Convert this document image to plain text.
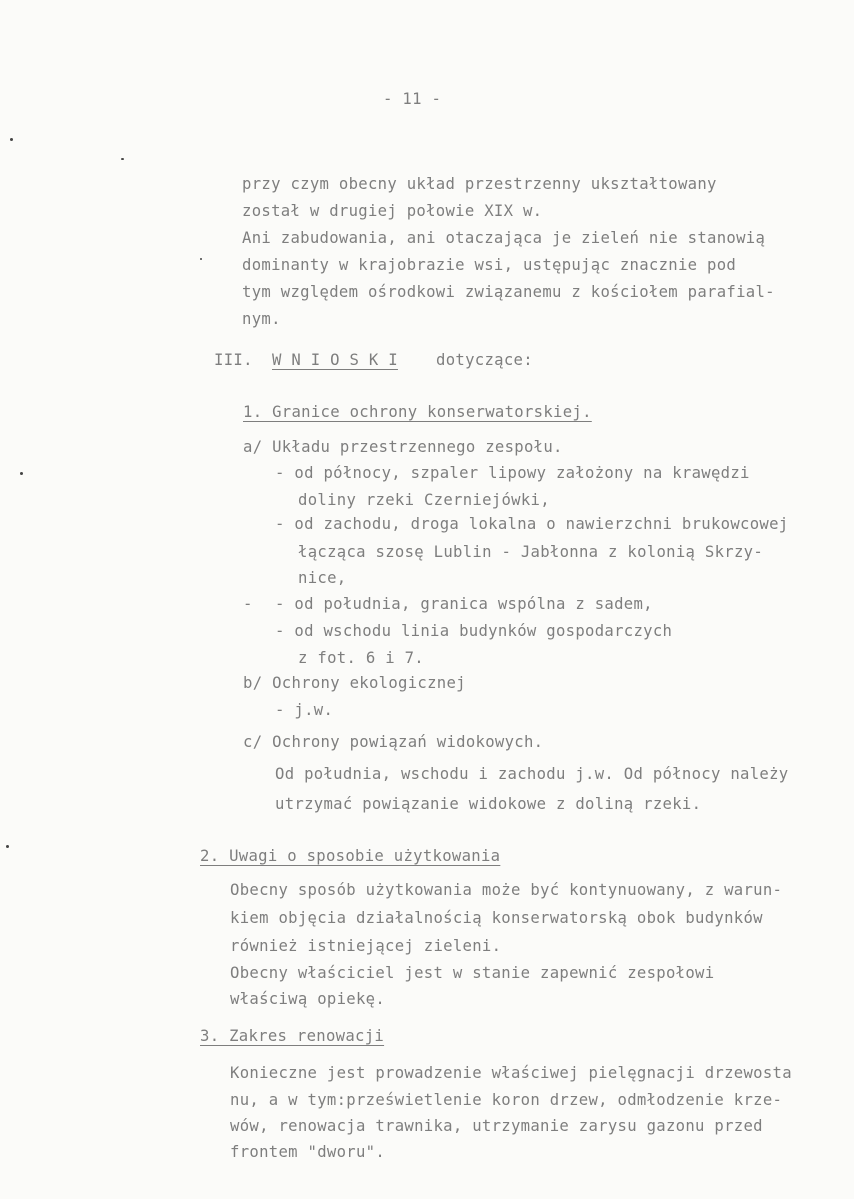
- 11 -
przy czym obecny układ przestrzenny ukształtowany
został w drugiej połowie XIX w.
Ani zabudowania, ani otaczająca je zieleń nie stanowią
dominanty w krajobrazie wsi, ustępując znacznie pod
tym względem ośrodkowi związanemu z kościołem parafial-
nym.
III. W N I O S K I dotyczące:
1. Granice ochrony konserwatorskiej.
a/ Układu przestrzennego zespołu.
- od północy, szpaler lipowy założony na krawędzi
doliny rzeki Czerniejówki,
- od zachodu, droga lokalna o nawierzchni brukowcowej
łącząca szosę Lublin - Jabłonna z kolonią Skrzy-
nice,
- - od południa, granica wspólna z sadem,
- od wschodu linia budynków gospodarczych
z fot. 6 i 7.
b/ Ochrony ekologicznej
- j.w.
c/ Ochrony powiązań widokowych.
Od południa, wschodu i zachodu j.w. Od północy należy
utrzymać powiązanie widokowe z doliną rzeki.
2. Uwagi o sposobie użytkowania
Obecny sposób użytkowania może być kontynuowany, z warun-
kiem objęcia działalnością konserwatorską obok budynków
również istniejącej zieleni.
Obecny właściciel jest w stanie zapewnić zespołowi
właściwą opiekę.
3. Zakres renowacji
Konieczne jest prowadzenie właściwej pielęgnacji drzewosta
nu, a w tym:prześwietlenie koron drzew, odmłodzenie krze-
wów, renowacja trawnika, utrzymanie zarysu gazonu przed
frontem "dworu".
